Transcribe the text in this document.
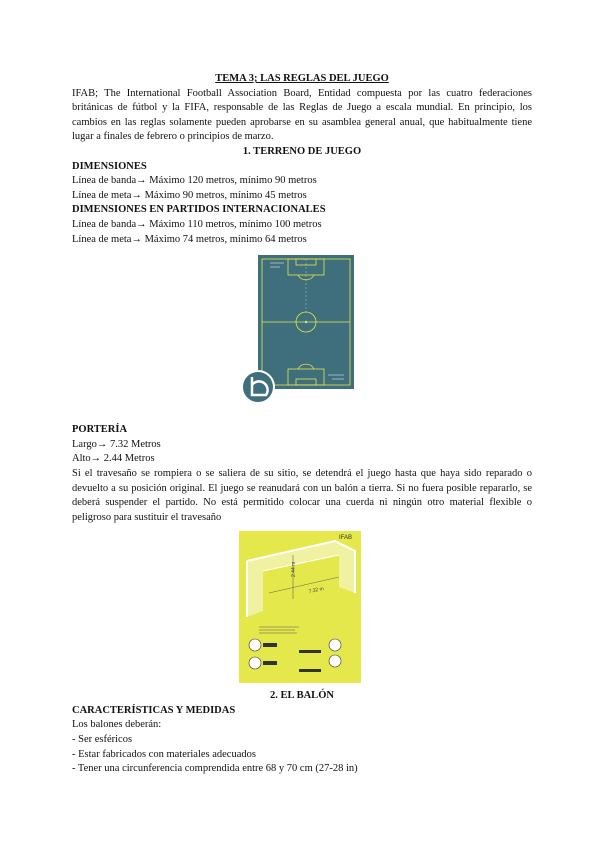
TEMA 3; LAS REGLAS DEL JUEGO

IFAB; The International Football Association Board, Entidad compuesta por las cuatro federaciones británicas de fútbol y la FIFA, responsable de las Reglas de Juego a escala mundial. En principio, los cambios en las reglas solamente pueden aprobarse en su asamblea general anual, que habitualmente tiene lugar a finales de febrero o principios de marzo.

1. TERRENO DE JUEGO

DIMENSIONES

Línea de banda→ Máximo 120 metros, mínimo 90 metros

Línea de meta→ Máximo 90 metros, mínimo 45 metros

DIMENSIONES EN PARTIDOS INTERNACIONALES

Línea de banda→ Máximo 110 metros, mínimo 100 metros

Línea de meta→ Máximo 74 metros, mínimo 64 metros

PORTERÍA

Largo→ 7.32 Metros

Alto→ 2.44 Metros

Si el travesaño se rompiera o se saliera de su sitio, se detendrá el juego hasta que haya sido reparado o devuelto a su posición original. El juego se reanudará con un balón a tierra. Si no fuera posible repararlo, se deberá suspender el partido. No está permitido colocar una cuerda ni ningún otro material flexible o peligroso para sustituir el travesaño

IFAB
2.44 m
7.32 m

2. EL BALÓN

CARACTERÍSTICAS Y MEDIDAS

Los balones deberán:

- Ser esféricos

- Estar fabricados con materiales adecuados

- Tener una circunferencia comprendida entre 68 y 70 cm (27-28 in)
